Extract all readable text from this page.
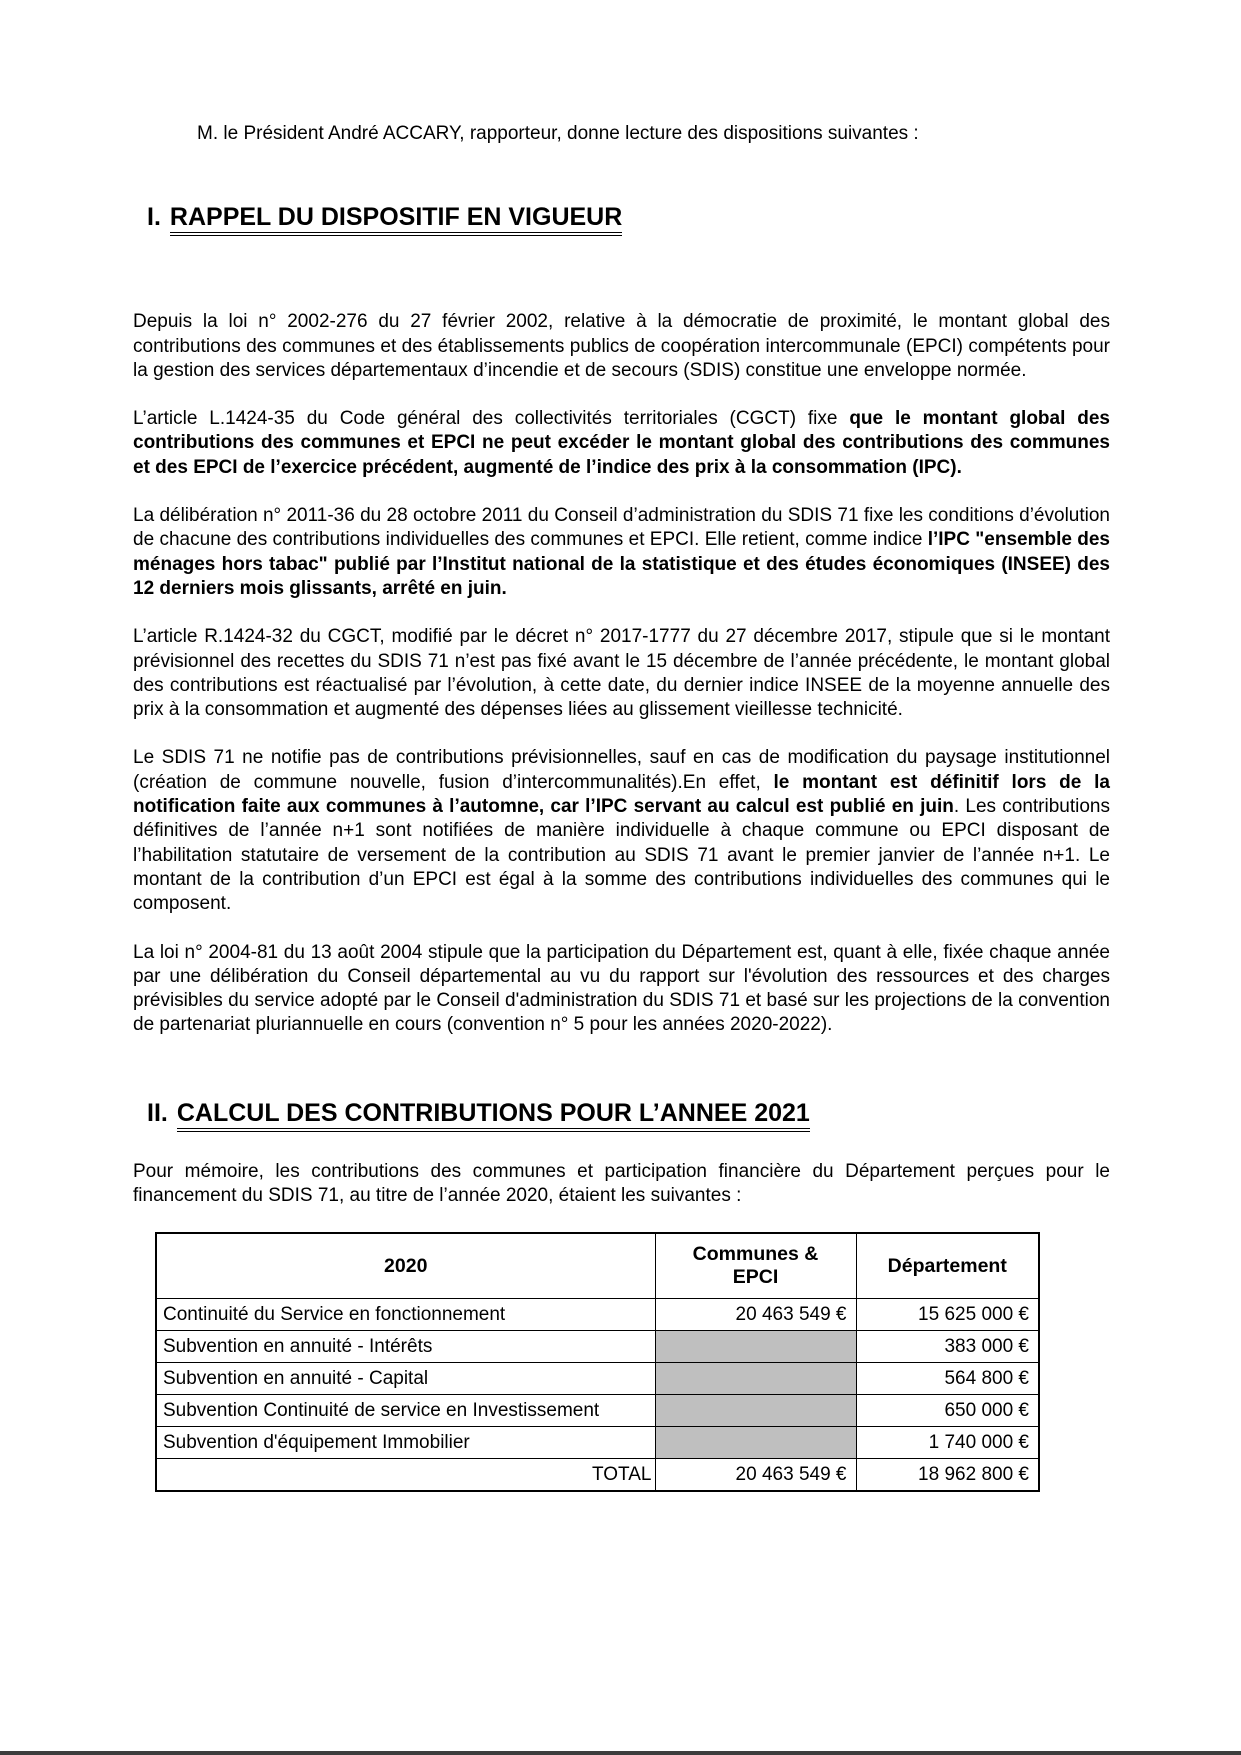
M. le Président André ACCARY, rapporteur, donne lecture des dispositions suivantes :

I. RAPPEL DU DISPOSITIF EN VIGUEUR

Depuis la loi n° 2002-276 du 27 février 2002, relative à la démocratie de proximité, le montant global des contributions des communes et des établissements publics de coopération intercommunale (EPCI) compétents pour la gestion des services départementaux d’incendie et de secours (SDIS) constitue une enveloppe normée.

L’article L.1424-35 du Code général des collectivités territoriales (CGCT) fixe que le montant global des contributions des communes et EPCI ne peut excéder le montant global des contributions des communes et des EPCI de l’exercice précédent, augmenté de l’indice des prix à la consommation (IPC).

La délibération n° 2011-36 du 28 octobre 2011 du Conseil d’administration du SDIS 71 fixe les conditions d’évolution de chacune des contributions individuelles des communes et EPCI. Elle retient, comme indice l’IPC "ensemble des ménages hors tabac" publié par l’Institut national de la statistique et des études économiques (INSEE) des 12 derniers mois glissants, arrêté en juin.

L’article R.1424-32 du CGCT, modifié par le décret n° 2017-1777 du 27 décembre 2017, stipule que si le montant prévisionnel des recettes du SDIS 71 n’est pas fixé avant le 15 décembre de l’année précédente, le montant global des contributions est réactualisé par l’évolution, à cette date, du dernier indice INSEE de la moyenne annuelle des prix à la consommation et augmenté des dépenses liées au glissement vieillesse technicité.

Le SDIS 71 ne notifie pas de contributions prévisionnelles, sauf en cas de modification du paysage institutionnel (création de commune nouvelle, fusion d’intercommunalités).En effet, le montant est définitif lors de la notification faite aux communes à l’automne, car l’IPC servant au calcul est publié en juin. Les contributions définitives de l’année n+1 sont notifiées de manière individuelle à chaque commune ou EPCI disposant de l’habilitation statutaire de versement de la contribution au SDIS 71 avant le premier janvier de l’année n+1. Le montant de la contribution d’un EPCI est égal à la somme des contributions individuelles des communes qui le composent.

La loi n° 2004-81 du 13 août 2004 stipule que la participation du Département est, quant à elle, fixée chaque année par une délibération du Conseil départemental au vu du rapport sur l'évolution des ressources et des charges prévisibles du service adopté par le Conseil d'administration du SDIS 71 et basé sur les projections de la convention de partenariat pluriannuelle en cours (convention n° 5 pour les années 2020-2022).

II. CALCUL DES CONTRIBUTIONS POUR L’ANNEE 2021

Pour mémoire, les contributions des communes et participation financière du Département perçues pour le financement du SDIS 71, au titre de l’année 2020, étaient les suivantes :

2020	Communes & EPCI	Département
Continuité du Service en fonctionnement	20 463 549 €	15 625 000 €
Subvention en annuité - Intérêts		383 000 €
Subvention en annuité - Capital		564 800 €
Subvention Continuité de service en Investissement		650 000 €
Subvention d'équipement Immobilier		1 740 000 €
TOTAL	20 463 549 €	18 962 800 €
